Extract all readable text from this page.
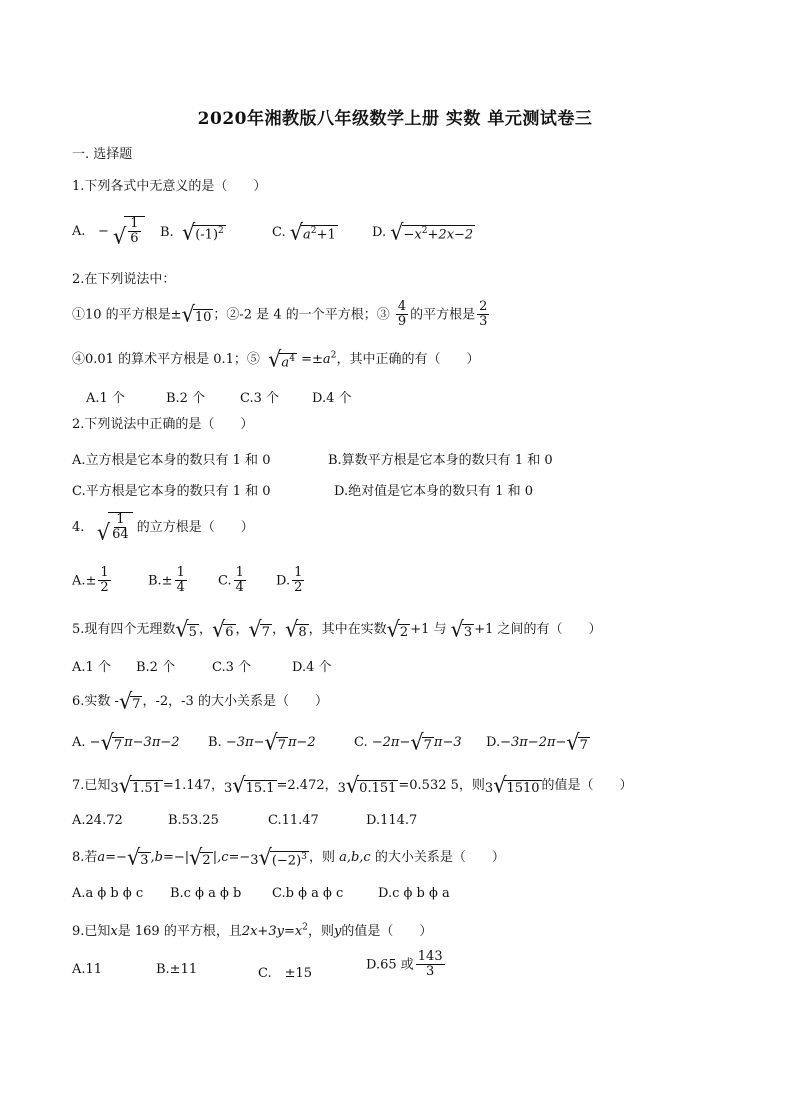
2020年湘教版八年级数学上册 实数 单元测试卷三
一. 选择题
1.下列各式中无意义的是（　　）
A. − √ $\frac{1}{6} B$. √ $(-1)^2$	C. √ $a^2+1$	D. √ $-x^2+2x-2$
2.在下列说法中：
①10 的平方根是± √ 10 ；②-2 是 4 的一个平方根；③ $\frac{4}{9}$ 的平方根是 $\frac{2}{3}$
④0.01 的算术平方根是 0.1；⑤ √ $a^4 =\pm a^2$，其中正确的有（　　）
A.1 个	B.2 个	C.3 个	D.4 个
2.下列说法中正确的是（　　）
A.立方根是它本身的数只有 1 和 0	B.算数平方根是它本身的数只有 1 和 0
C.平方根是它本身的数只有 1 和 0	D.绝对值是它本身的数只有 1 和 0
4. √ $\frac{1}{64}$ 的立方根是（　　）
$A.\pm \frac{1}{2}$	$B.\pm \frac{1}{4} C$. $\frac{1}{4} D$. $\frac{1}{2}$
5.现有四个无理数 √ 5 ， √ 6 ， √ 7 ， √ 8 ，其中在实数 √ 2 +1 与 √ 3 +1 之间的有（　　）
A.1 个 B.2 个	C.3 个	D.4 个
6.实数 - √ 7 ，-2，-3 的大小关系是（　　）
A. − √ 7 π−3π−2 B. −3π− √ 7 π−2	C. −2π− √ 7 π−3 D.−3π−2π− √ 7
7.已知 3 √ 1.51 =1.147， 3 √ 15.1 =2.472， 3 √ 0.151 =0.532 5，则 3 √ 1510 的值是（　　）
A.24.72	B.53.25	C.11.47	D.114.7
8.若a=− √ 3 ,b=−| √ 2 |,c=− 3 √ $(-2)^3$ ，则 a,b,c 的大小关系是（　　）
A.a ϕ b ϕ c B.c ϕ a ϕ b C.b ϕ a ϕ c	D.c ϕ b ϕ a
9.已知x是 169 的平方根，且$2x+3y=x^2$，则y的值是（　　）
A.11	B.±11	C.　±15
D.65 或 $\frac{143}{3}$
